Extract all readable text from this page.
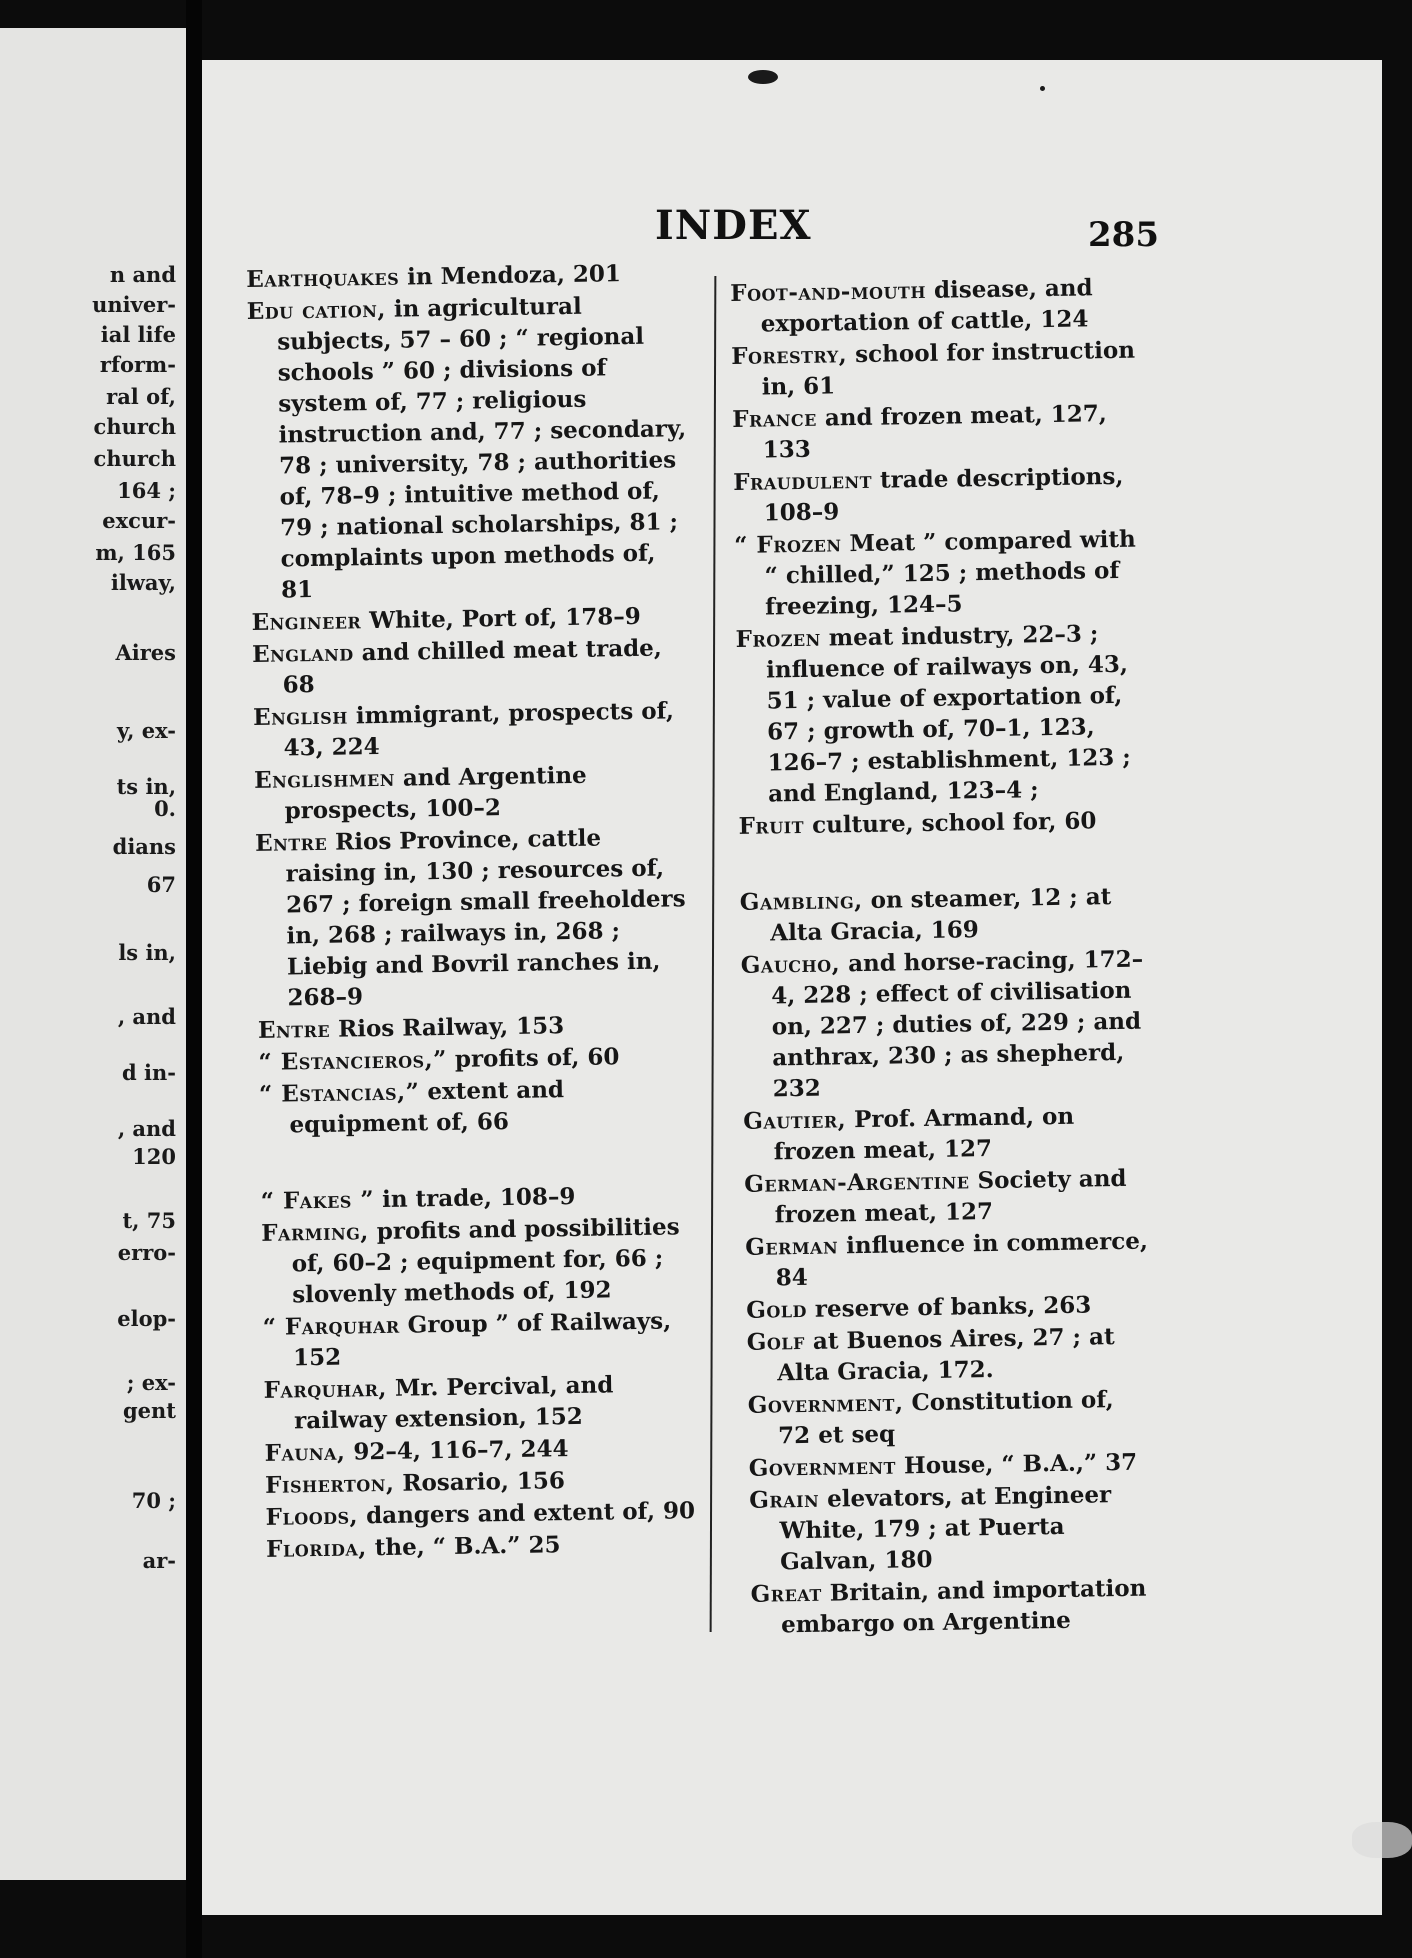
n and
univer-
ial life
rform-
ral of,
church
church
164 ;
excur-
m, 165
ilway,
Aires
y, ex-
ts in,
0.
dians
67
ls in,
, and
d in-
, and
120
t, 75
erro-
elop-
; ex-
gent
70 ;
ar-
INDEX	285
Earthquakes in Mendoza, 201
Edu cation, in agricultural subjects, 57 – 60 ; “ regional schools ” 60 ; divisions of system of, 77 ; religious instruction and, 77 ; secondary, 78 ; university, 78 ; authorities of, 78–9 ; intuitive method of, 79 ; national scholarships, 81 ; complaints upon methods of, 81
Engineer White, Port of, 178–9
England and chilled meat trade, 68
English immigrant, prospects of, 43, 224
Englishmen and Argentine prospects, 100–2
Entre Rios Province, cattle raising in, 130 ; resources of, 267 ; foreign small freeholders in, 268 ; railways in, 268 ; Liebig and Bovril ranches in, 268–9
Entre Rios Railway, 153
“ Estancieros,” profits of, 60
“ Estancias,” extent and equipment of, 66
“ Fakes ” in trade, 108–9
Farming, profits and possibilities of, 60–2 ; equipment for, 66 ; slovenly methods of, 192
“ Farquhar Group ” of Railways, 152
Farquhar, Mr. Percival, and railway extension, 152
Fauna, 92–4, 116–7, 244
Fisherton, Rosario, 156
Floods, dangers and extent of, 90
Florida, the, “ B.A.” 25
Foot-and-mouth disease, and exportation of cattle, 124
Forestry, school for instruction in, 61
France and frozen meat, 127, 133
Fraudulent trade descriptions, 108–9
“ Frozen Meat ” compared with “ chilled,” 125 ; methods of freezing, 124–5
Frozen meat industry, 22–3 ; influence of railways on, 43, 51 ; value of exportation of, 67 ; growth of, 70–1, 123, 126–7 ; establishment, 123 ; and England, 123–4 ;
Fruit culture, school for, 60
Gambling, on steamer, 12 ; at Alta Gracia, 169
Gaucho, and horse-racing, 172–4, 228 ; effect of civilisation on, 227 ; duties of, 229 ; and anthrax, 230 ; as shepherd, 232
Gautier, Prof. Armand, on frozen meat, 127
German-Argentine Society and frozen meat, 127
German influence in commerce, 84
Gold reserve of banks, 263
Golf at Buenos Aires, 27 ; at Alta Gracia, 172.
Government, Constitution of, 72 et seq
Government House, “ B.A.,” 37
Grain elevators, at Engineer White, 179 ; at Puerta Galvan, 180
Great Britain, and importation embargo on Argentine
